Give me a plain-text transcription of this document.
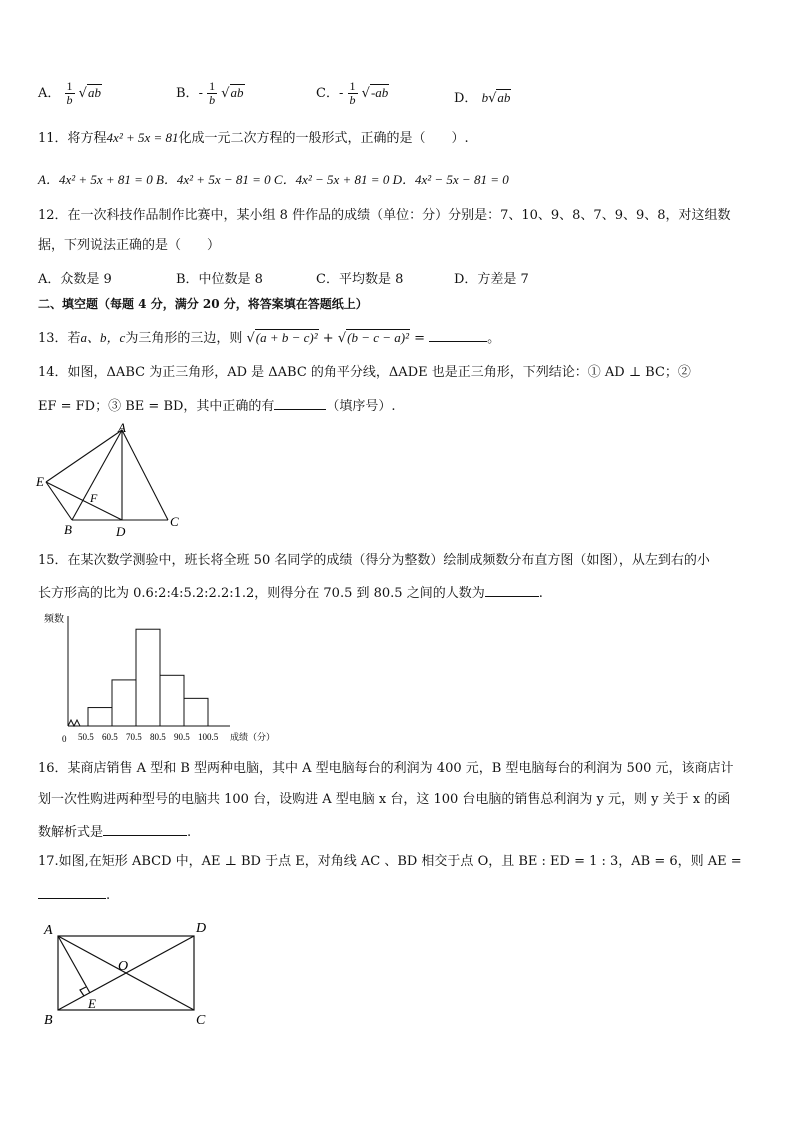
A． $\frac{1}{b} √ab$	B．- $\frac{1}{b} √ab$	C．- $\frac{1}{b} √-ab$	D． b√ab
11．将方程4x² + 5x = 81化成一元二次方程的一般形式，正确的是（　　）.
A．4x² + 5x + 81 = 0 B．4x² + 5x − 81 = 0 C．4x² − 5x + 81 = 0 D．4x² − 5x − 81 = 0
12．在一次科技作品制作比赛中，某小组 8 件作品的成绩（单位：分）分别是：7、10、9、8、7、9、9、8，对这组数
据，下列说法正确的是（　　）
A．众数是 9	B．中位数是 8	C．平均数是 8	D．方差是 7
二、填空题（每题 4 分，满分 20 分，将答案填在答题纸上）
13．若a、b，c为三角形的三边，则 √(a + b − c)² + √(b − c − a)² =	。
14．如图，ΔABC 为正三角形，AD 是 ΔABC 的角平分线，ΔADE 也是正三角形，下列结论：① AD ⊥ BC；②
EF = FD；③ BE = BD，其中正确的有	（填序号）.
A
B
C
D
E
F
15．在某次数学测验中，班长将全班 50 名同学的成绩（得分为整数）绘制成频数分布直方图（如图），从左到右的小
长方形高的比为 0.6:2:4:5.2:2.2:1.2，则得分在 70.5 到 80.5 之间的人数为	.
频数
0	成绩（分）
50.5 60.5 70.5 80.5 90.5 100.5
16．某商店销售 A 型和 B 型两种电脑，其中 A 型电脑每台的利润为 400 元，B 型电脑每台的利润为 500 元，该商店计
划一次性购进两种型号的电脑共 100 台，设购进 A 型电脑 x 台，这 100 台电脑的销售总利润为 y 元，则 y 关于 x 的函
数解析式是	.
17.如图,在矩形 ABCD 中，AE ⊥ BD 于点 E，对角线 AC 、BD 相交于点 O，且 BE : ED = 1 : 3，AB = 6，则 AE =
.
A	D
B	C
E
O
